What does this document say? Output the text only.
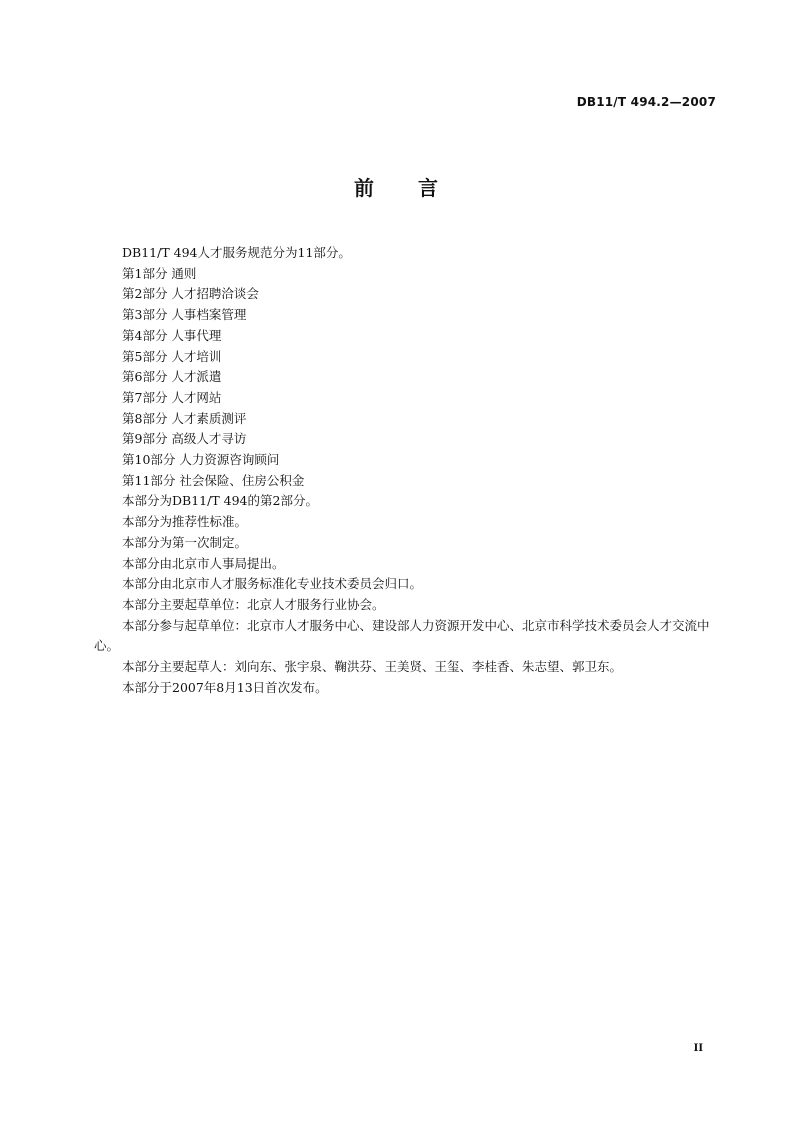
DB11/T 494.2—2007
前 言
DB11/T 494人才服务规范分为11部分。
第1部分 通则
第2部分 人才招聘洽谈会
第3部分 人事档案管理
第4部分 人事代理
第5部分 人才培训
第6部分 人才派遣
第7部分 人才网站
第8部分 人才素质测评
第9部分 高级人才寻访
第10部分 人力资源咨询顾问
第11部分 社会保险、住房公积金
本部分为DB11/T 494的第2部分。
本部分为推荐性标准。
本部分为第一次制定。
本部分由北京市人事局提出。
本部分由北京市人才服务标准化专业技术委员会归口。
本部分主要起草单位：北京人才服务行业协会。
本部分参与起草单位：北京市人才服务中心、建设部人力资源开发中心、北京市科学技术委员会人才交流中心。
本部分主要起草人：刘向东、张宇泉、鞠洪芬、王美贤、王玺、李桂香、朱志望、郭卫东。
本部分于2007年8月13日首次发布。
II
